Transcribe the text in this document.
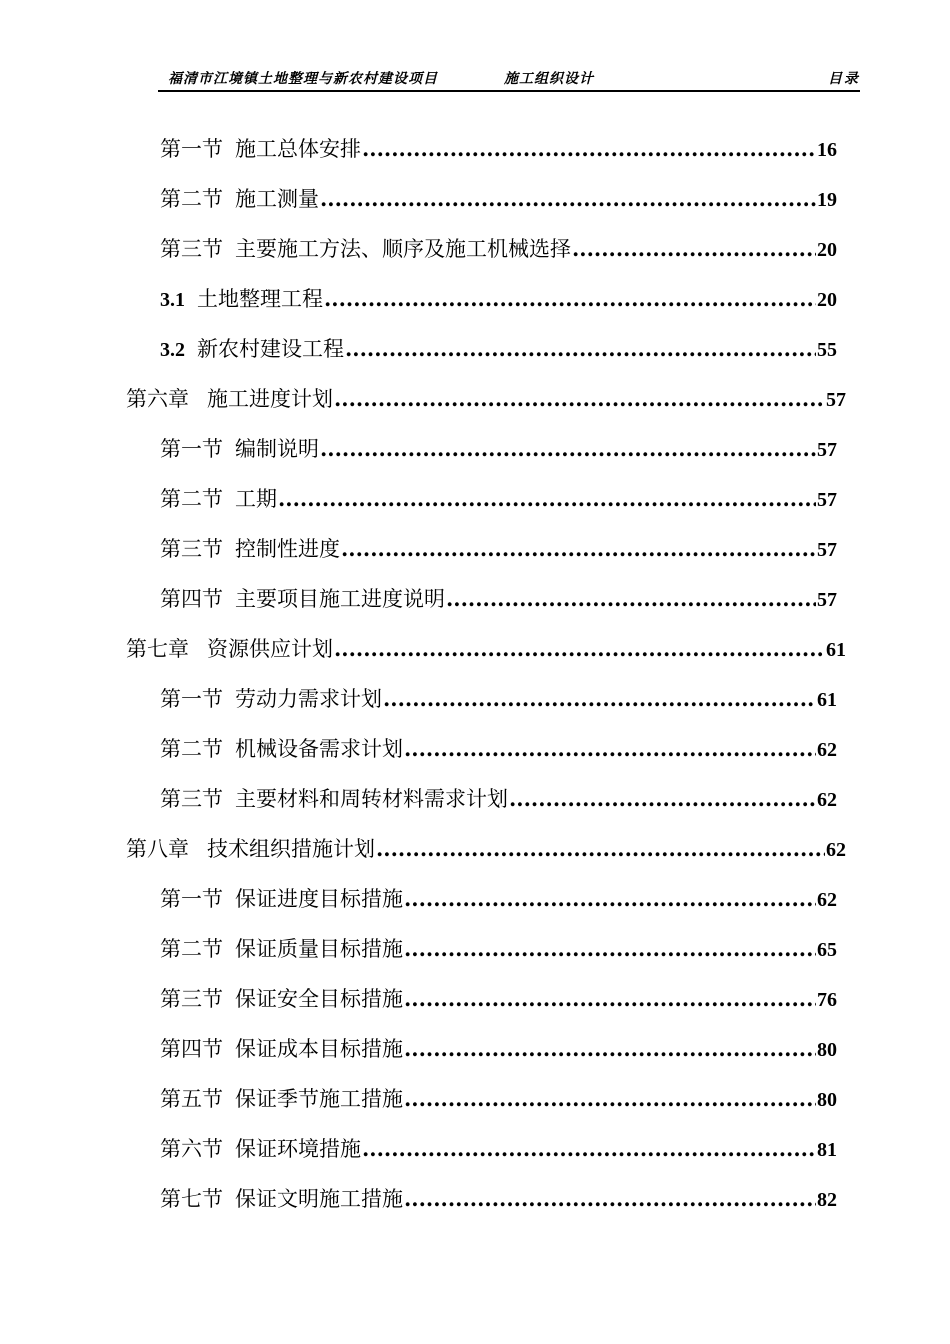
福清市江境镇土地整理与新农村建设项目	施工组织设计	目录
第一节 施工总体安排 .....	16
第二节 施工测量 .....	19
第三节 主要施工方法、顺序及施工机械选择 .....	20
3.1 土地整理工程 .....	20
3.2 新农村建设工程 .....	55
第六章 施工进度计划 .....	57
第一节 编制说明 .....	57
第二节 工期 .....	57
第三节 控制性进度 .....	57
第四节 主要项目施工进度说明 .....	57
第七章 资源供应计划 .....	61
第一节 劳动力需求计划 .....	61
第二节 机械设备需求计划 .....	62
第三节 主要材料和周转材料需求计划 .....	62
第八章 技术组织措施计划 .....	62
第一节 保证进度目标措施 .....	62
第二节 保证质量目标措施 .....	65
第三节 保证安全目标措施 .....	76
第四节 保证成本目标措施 .....	80
第五节 保证季节施工措施 .....	80
第六节 保证环境措施 .....	81
第七节 保证文明施工措施 .....	82
